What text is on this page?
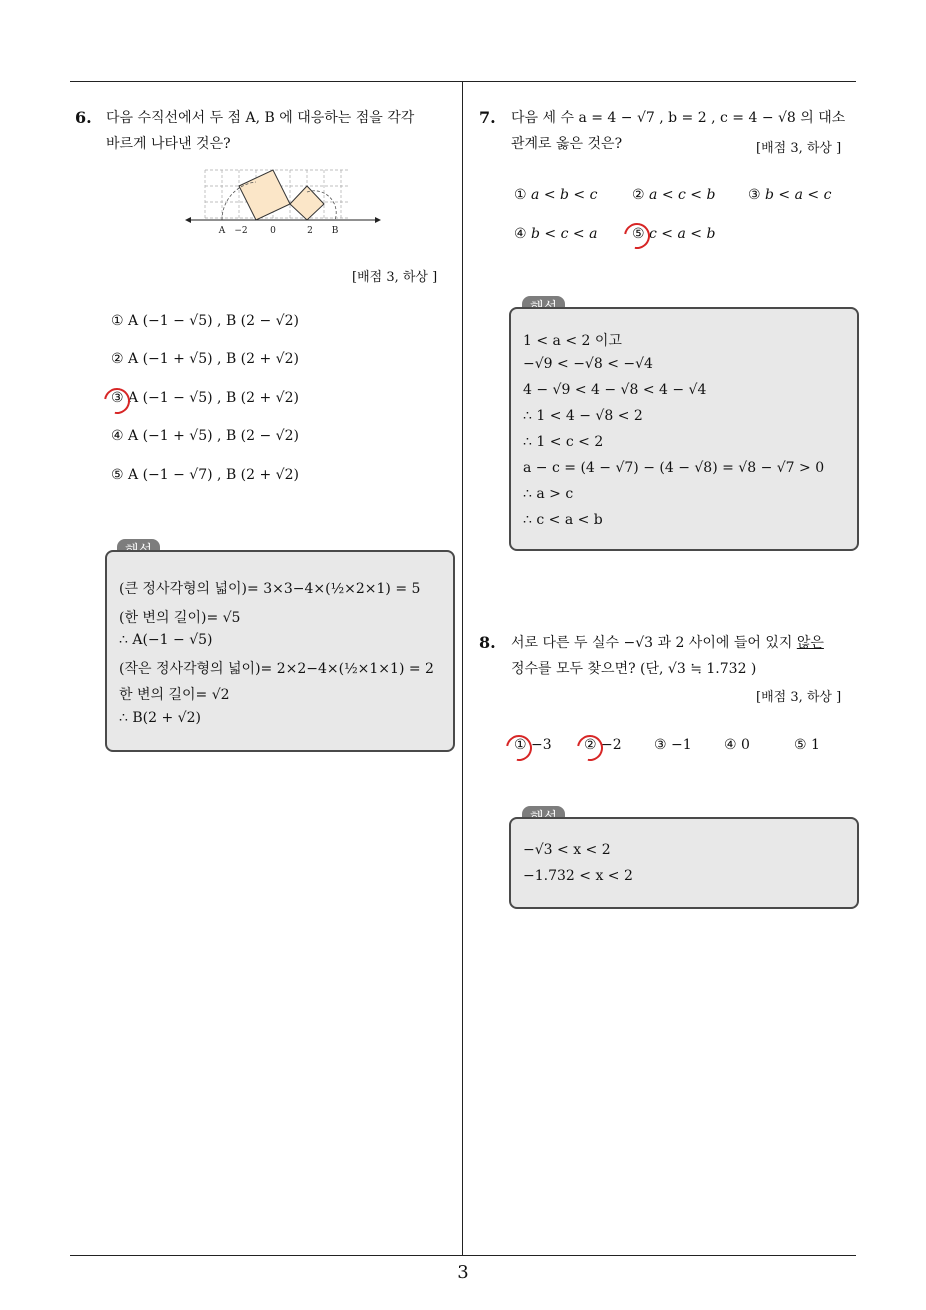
3
6. 다음 수직선에서 두 점 A, B 에 대응하는 점을 각각
바르게 나타낸 것은?
A −2 0	2 B
[배점 3, 하상 ]
① A (−1 − √5) , B (2 − √2)
② A (−1 + √5) , B (2 + √2)
③ A (−1 − √5) , B (2 + √2)
④ A (−1 + √5) , B (2 − √2)
⑤ A (−1 − √7) , B (2 + √2)
(큰 정사각형의 넓이)= 3×3−4×(½×2×1) = 5
(한 변의 길이)= √5
∴ A(−1 − √5)
(작은 정사각형의 넓이)= 2×2−4×(½×1×1) = 2
한 변의 길이= √2
∴ B(2 + √2)
7. 다음 세 수 a = 4 − √7 , b = 2 , c = 4 − √8 의 대소
관계로 옳은 것은?	[배점 3, 하상 ]
① a < b < c ② a < c < b ③ b < a < c
④ b < c < a ⑤ c < a < b
1 < a < 2 이고
−√9 < −√8 < −√4
4 − √9 < 4 − √8 < 4 − √4
∴ 1 < 4 − √8 < 2
∴ 1 < c < 2
a − c = (4 − √7) − (4 − √8) = √8 − √7 > 0
∴ a > c
∴ c < a < b
8. 서로 다른 두 실수 −√3 과 2 사이에 들어 있지 않은
정수를 모두 찾으면? (단, √3 ≒ 1.732 )
[배점 3, 하상 ]
① −3 ② −2 ③ −1 ④ 0	⑤ 1
−√3 < x < 2
−1.732 < x < 2
